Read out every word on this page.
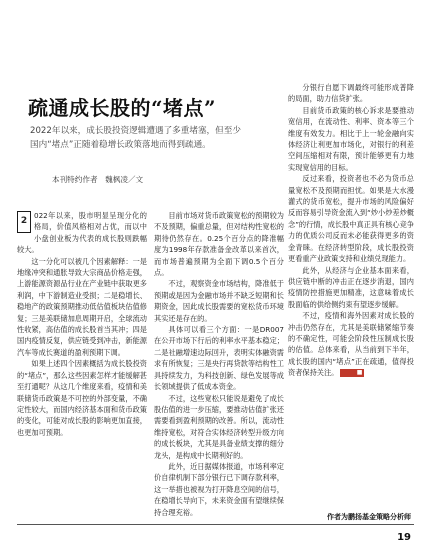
疏通成长股的“堵点”
2022年以来，成长股投资逻辑遭遇了多重堵塞，但至少
国内“堵点”正随着稳增长政策落地而得到疏通。
本刊特约作者　魏枫凌／文

2
022年以来，股市明显呈现分化的格局，价值风格相对占优，而以中小盘创业板为代表的成长股则跌幅较大。

这一分化可以被几个因素解释：一是地缘冲突和通胀导致大宗商品价格走强，上游能源资源品行业在产业链中获取更多利润，中下游制造业受损；二是稳增长、稳地产的政策预期推动低估值板块估值修复；三是美联储加息周期开启，全球流动性收紧，高估值的成长股首当其冲；四是国内疫情反复，供应链受到冲击，新能源汽车等成长赛道的盈利预期下调。

如果上述四个因素概括为成长股投资的“堵点”，那么这些因素怎样才能缓解甚至打通呢？从这几个维度来看，疫情和美联储货币政策是不可控的外部变量，不确定性较大，而国内经济基本面和货币政策的变化，可能对成长股的影响更加直接，也更加可预期。

目前市场对货币政策宽松的预期较为不及预期，偏重总量，但对结构性宽松的期待仍然存在。0.25个百分点的降准幅度为1998年存款准备金改革以来首次，而市场普遍预期为全面下调0.5个百分点。

不过，观察资金市场结构，降准低于预期或是因为金融市场并不缺乏短期和长期资金，因此成长股需要的宽松货币环境其实还是存在的。

具体可以看三个方面：一是DR007在公开市场下行后的利率水平基本稳定；二是社融增速边际回升，表明实体融资需求有所恢复；三是央行再贷款等结构性工具持续发力，为科技创新、绿色发展等成长领域提供了低成本资金。

不过，这些宽松只能说是避免了成长股估值的进一步压缩，要推动估值扩张还需要看到盈利预期的改善。所以，流动性维持宽松，对符合实体经济转型升级方向的成长板块，尤其是具备业绩支撑的细分龙头，是构成中长期利好的。

此外，近日据媒体报道，市场利率定价自律机制下部分银行已下调存款利率，这一举措也被视为打开降息空间的信号，在稳增长导向下，未来资金面有望继续保持合理充裕。

分银行自愿下调最终可能形成普降的局面，助力信贷扩张。

目前货币政策的核心诉求是要推动宽信用，在流动性、利率、资本等三个维度有效发力。相比于上一轮金融向实体经济让利更加市场化，对银行的利差空间压缩相对有限，预计能够更有力地实现宽信用的目标。

反过来看，投资者也不必为货币总量宽松不及预期而担忧。如果是大水漫灌式的货币宽松，提升市场的风险偏好反而容易引导资金流入到“炒小炒差炒概念”的行情，成长股中真正具有核心竞争力的优质公司反而未必能获得更多的资金青睐。在经济转型阶段，成长股投资更看重产业政策支持和业绩兑现能力。

此外，从经济与企业基本面来看，供应链中断的冲击正在逐步消退，国内疫情防控措施更加精准，这意味着成长股面临的供给侧约束有望逐步缓解。

不过，疫情和海外因素对成长股的冲击仍然存在，尤其是美联储紧缩节奏的不确定性，可能会阶段性压制成长股的估值。总体来看，从当前到下半年，成长股的国内“堵点”正在疏通，值得投资者保持关注。	■

作者为鹏扬基金策略分析师
19
